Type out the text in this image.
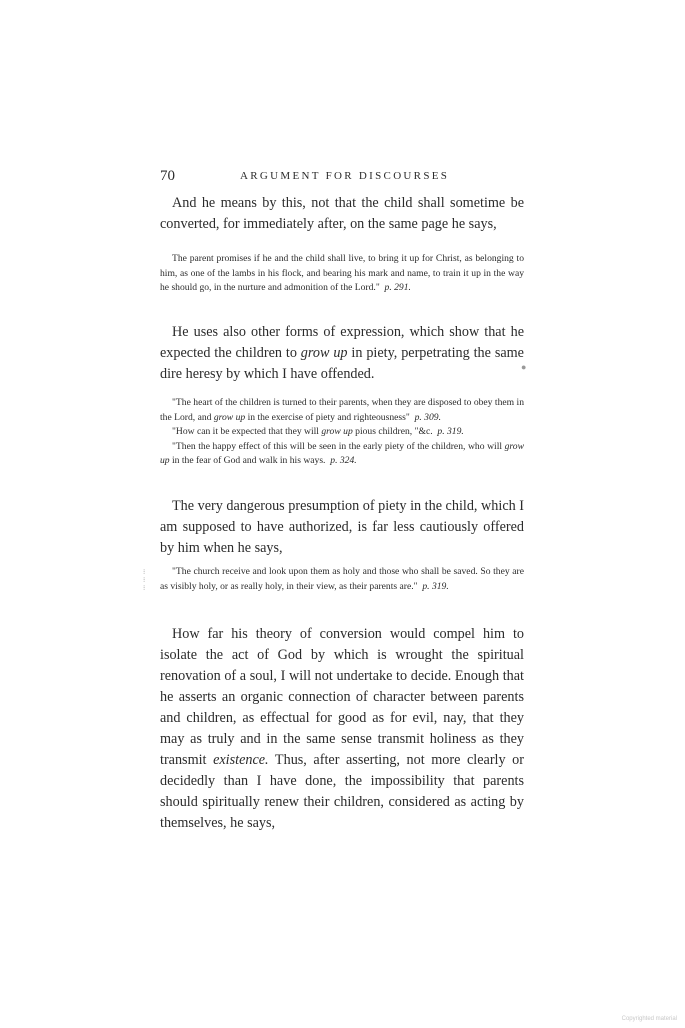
70	ARGUMENT FOR DISCOURSES

And he means by this, not that the child shall sometime be converted, for immediately after, on the same page he says,

The parent promises if he and the child shall live, to bring it up for Christ, as belonging to him, as one of the lambs in his flock, and bearing his mark and name, to train it up in the way he should go, in the nurture and admonition of the Lord." p. 291.

He uses also other forms of expression, which show that he expected the children to grow up in piety, perpetrating the same dire heresy by which I have offended.

"The heart of the children is turned to their parents, when they are disposed to obey them in the Lord, and grow up in the exercise of piety and righteousness" p. 309.

"How can it be expected that they will grow up pious children, "&c. p. 319.

"Then the happy effect of this will be seen in the early piety of the children, who will grow up in the fear of God and walk in his ways. p. 324.

The very dangerous presumption of piety in the child, which I am supposed to have authorized, is far less cautiously offered by him when he says,

"The church receive and look upon them as holy and those who shall be saved. So they are as visibly holy, or as really holy, in their view, as their parents are." p. 319.

How far his theory of conversion would compel him to isolate the act of God by which is wrought the spiritual renovation of a soul, I will not undertake to decide. Enough that he asserts an organic connection of character between parents and children, as effectual for good as for evil, nay, that they may as truly and in the same sense transmit holiness as they transmit existence. Thus, after asserting, not more clearly or decidedly than I have done, the impossibility that parents should spiritually renew their children, considered as acting by themselves, he says,

●
⁝
⁝
⁝
Copyrighted material
